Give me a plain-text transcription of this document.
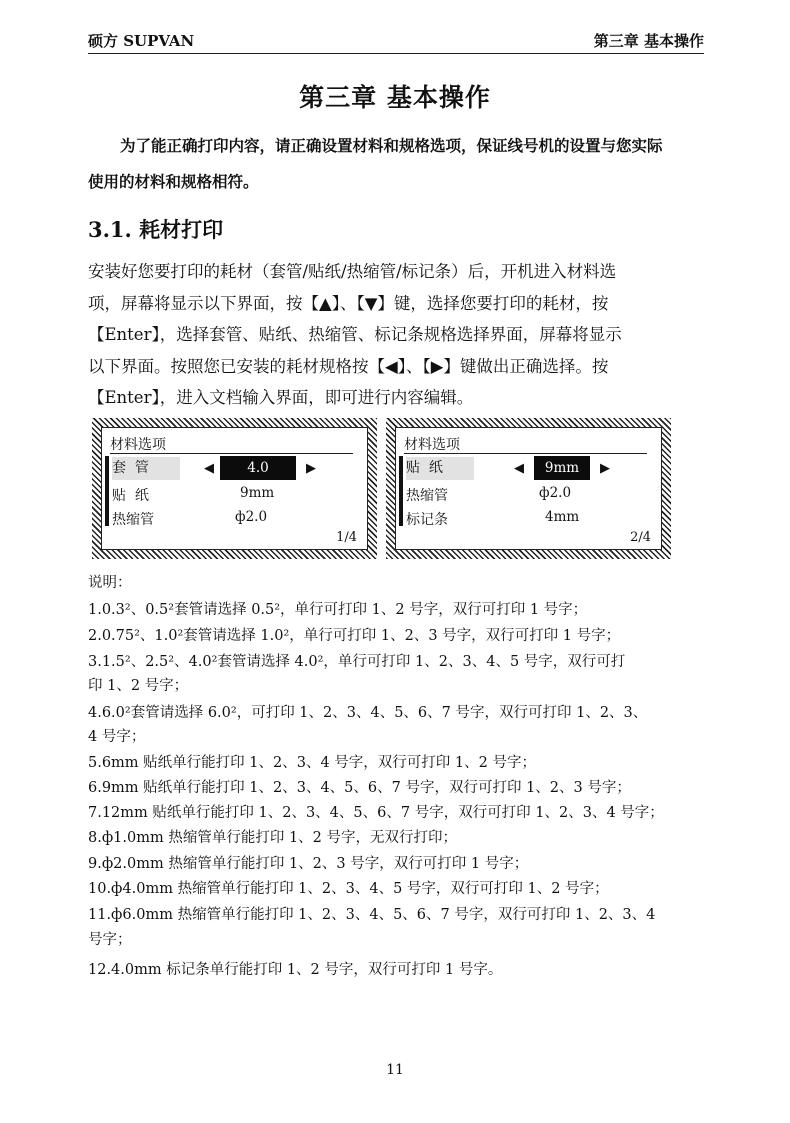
硕方 SUPVAN	第三章 基本操作
第三章 基本操作
为了能正确打印内容，请正确设置材料和规格选项，保证线号机的设置与您实际
使用的材料和规格相符。
3.1. 耗材打印
安装好您要打印的耗材（套管/贴纸/热缩管/标记条）后，开机进入材料选
项，屏幕将显示以下界面，按【▲】、【▼】键，选择您要打印的耗材，按
【Enter】，选择套管、贴纸、热缩管、标记条规格选择界面，屏幕将显示
以下界面。按照您已安装的耗材规格按【◀】、【▶】键做出正确选择。按
【Enter】，进入文档输入界面，即可进行内容编辑。
材料选项
套  管	◀	4.0	▶
贴  纸	9mm
热缩管	ф2.0
1/4
材料选项
贴  纸	◀	9mm	▶
热缩管	ф2.0
标记条	4mm
2/4
说明：
1.0.3²、0.5²套管请选择 0.5²，单行可打印 1、2 号字，双行可打印 1 号字；
2.0.75²、1.0²套管请选择 1.0²，单行可打印 1、2、3 号字，双行可打印 1 号字；
3.1.5²、2.5²、4.0²套管请选择 4.0²，单行可打印 1、2、3、4、5 号字，双行可打
印 1、2 号字；
4.6.0²套管请选择 6.0²，可打印 1、2、3、4、5、6、7 号字，双行可打印 1、2、3、
4 号字；
5.6mm 贴纸单行能打印 1、2、3、4 号字，双行可打印 1、2 号字；
6.9mm 贴纸单行能打印 1、2、3、4、5、6、7 号字，双行可打印 1、2、3 号字；
7.12mm 贴纸单行能打印 1、2、3、4、5、6、7 号字，双行可打印 1、2、3、4 号字；
8.ф1.0mm 热缩管单行能打印 1、2 号字，无双行打印；
9.ф2.0mm 热缩管单行能打印 1、2、3 号字，双行可打印 1 号字；
10.ф4.0mm 热缩管单行能打印 1、2、3、4、5 号字，双行可打印 1、2 号字；
11.ф6.0mm 热缩管单行能打印 1、2、3、4、5、6、7 号字，双行可打印 1、2、3、4
号字；
12.4.0mm 标记条单行能打印 1、2 号字，双行可打印 1 号字。
11
